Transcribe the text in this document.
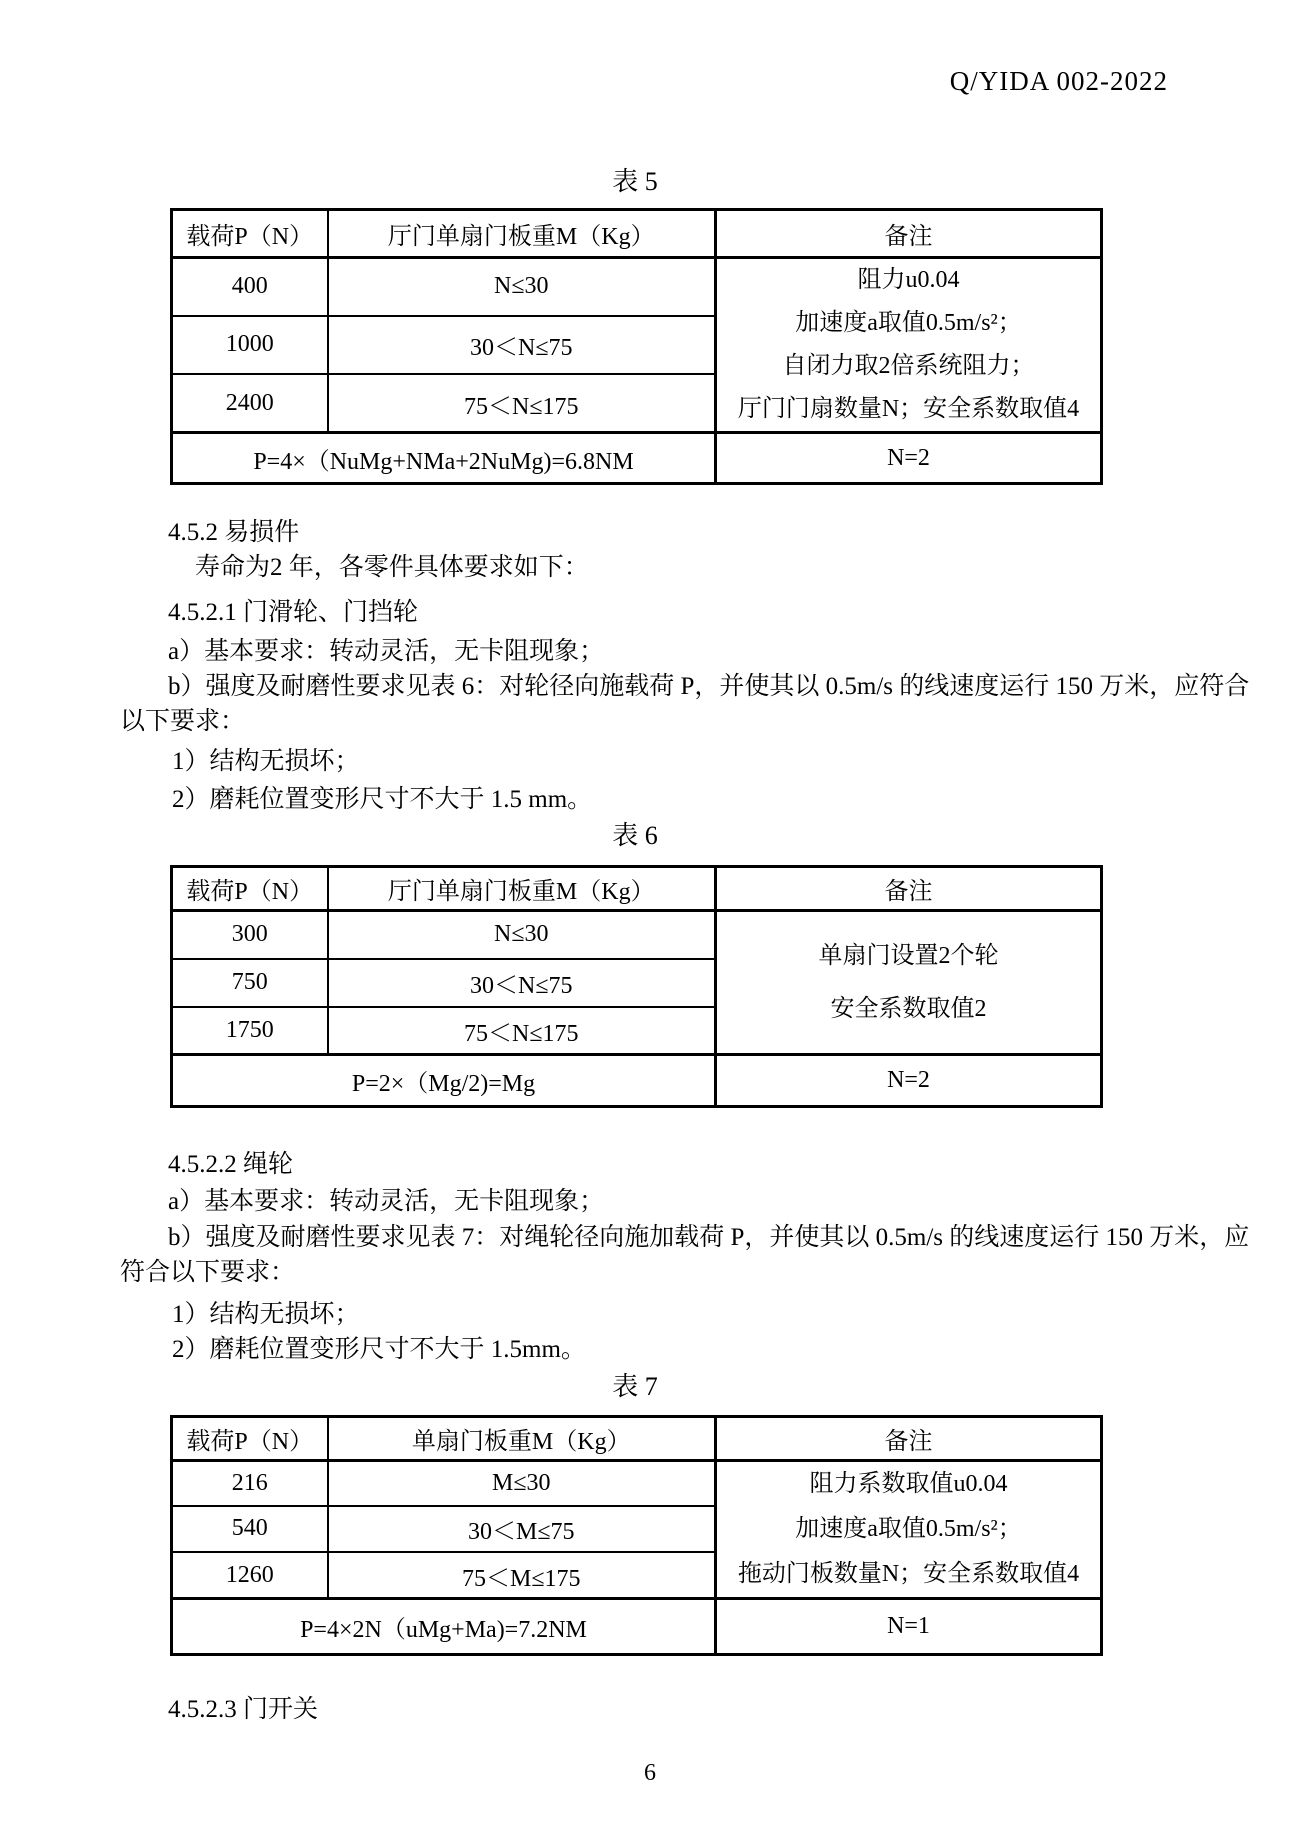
Q/YIDA 002-2022
表 5
载荷P（N）	厅门单扇门板重M（Kg）	备注
400	N≤30	阻力u0.04
加速度a取值0.5m/s²；
自闭力取2倍系统阻力；
厅门门扇数量N；安全系数取值4

1000	30＜N≤75	
2400	75＜N≤175	
P=4×（NuMg+NMa+2NuMg)=6.8NM		N=2
4.5.2 易损件
寿命为2 年，各零件具体要求如下：
4.5.2.1 门滑轮、门挡轮
a）基本要求：转动灵活，无卡阻现象；
b）强度及耐磨性要求见表 6：对轮径向施载荷 P，并使其以 0.5m/s 的线速度运行 150 万米，应符合
以下要求：
1）结构无损坏；
2）磨耗位置变形尺寸不大于 1.5 mm。
表 6
载荷P（N）	厅门单扇门板重M（Kg）	备注
300	N≤30	单扇门设置2个轮
安全系数取值2

750	30＜N≤75	
1750	75＜N≤175	
P=2×（Mg/2)=Mg		N=2
4.5.2.2 绳轮
a）基本要求：转动灵活，无卡阻现象；
b）强度及耐磨性要求见表 7：对绳轮径向施加载荷 P，并使其以 0.5m/s 的线速度运行 150 万米，应
符合以下要求：
1）结构无损坏；
2）磨耗位置变形尺寸不大于 1.5mm。
表 7
载荷P（N）	单扇门板重M（Kg）	备注
216	M≤30	阻力系数取值u0.04
加速度a取值0.5m/s²；
拖动门板数量N；安全系数取值4

540	30＜M≤75	
1260	75＜M≤175	
P=4×2N（uMg+Ma)=7.2NM		N=1
4.5.2.3 门开关
6
